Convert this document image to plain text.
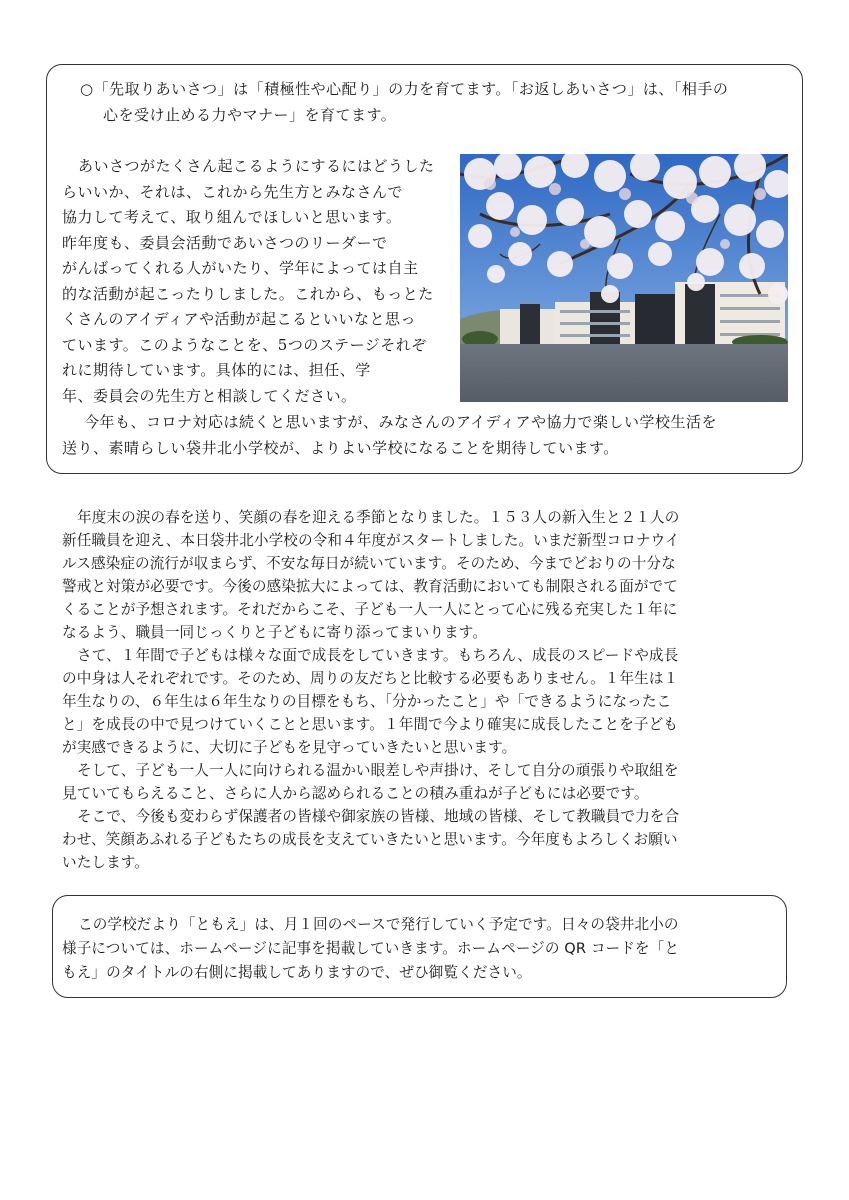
○「先取りあいさつ」は「積極性や心配り」の力を育てます。「お返しあいさつ」は、「相手の

心を受け止める力やマナー」を育てます。

あいさつがたくさん起こるようにするにはどうした

らいいか、それは、これから先生方とみなさんで

協力して考えて、取り組んでほしいと思います。

昨年度も、委員会活動であいさつのリーダーで

がんばってくれる人がいたり、学年によっては自主

的な活動が起こったりしました。これから、もっとた

くさんのアイディアや活動が起こるといいなと思っ

ています。このようなことを、5つのステージそれぞ

れに期待しています。具体的には、担任、学

年、委員会の先生方と相談してください。

今年も、コロナ対応は続くと思いますが、みなさんのアイディアや協力で楽しい学校生活を

送り、素晴らしい袋井北小学校が、よりよい学校になることを期待しています。

年度末の涙の春を送り、笑顔の春を迎える季節となりました。１５３人の新入生と２１人の

新任職員を迎え、本日袋井北小学校の令和４年度がスタートしました。いまだ新型コロナウイ

ルス感染症の流行が収まらず、不安な毎日が続いています。そのため、今までどおりの十分な

警戒と対策が必要です。今後の感染拡大によっては、教育活動においても制限される面がでて

くることが予想されます。それだからこそ、子ども一人一人にとって心に残る充実した１年に

なるよう、職員一同じっくりと子どもに寄り添ってまいります。

さて、１年間で子どもは様々な面で成長をしていきます。もちろん、成長のスピードや成長

の中身は人それぞれです。そのため、周りの友だちと比較する必要もありません。１年生は１

年生なりの、６年生は６年生なりの目標をもち、「分かったこと」や「できるようになったこ

と」を成長の中で見つけていくことと思います。１年間で今より確実に成長したことを子ども

が実感できるように、大切に子どもを見守っていきたいと思います。

そして、子ども一人一人に向けられる温かい眼差しや声掛け、そして自分の頑張りや取組を

見ていてもらえること、さらに人から認められることの積み重ねが子どもには必要です。

そこで、今後も変わらず保護者の皆様や御家族の皆様、地域の皆様、そして教職員で力を合

わせ、笑顔あふれる子どもたちの成長を支えていきたいと思います。今年度もよろしくお願い

いたします。

この学校だより「ともえ」は、月１回のペースで発行していく予定です。日々の袋井北小の

様子については、ホームページに記事を掲載していきます。ホームページの QR コードを「と

もえ」のタイトルの右側に掲載してありますので、ぜひ御覧ください。
